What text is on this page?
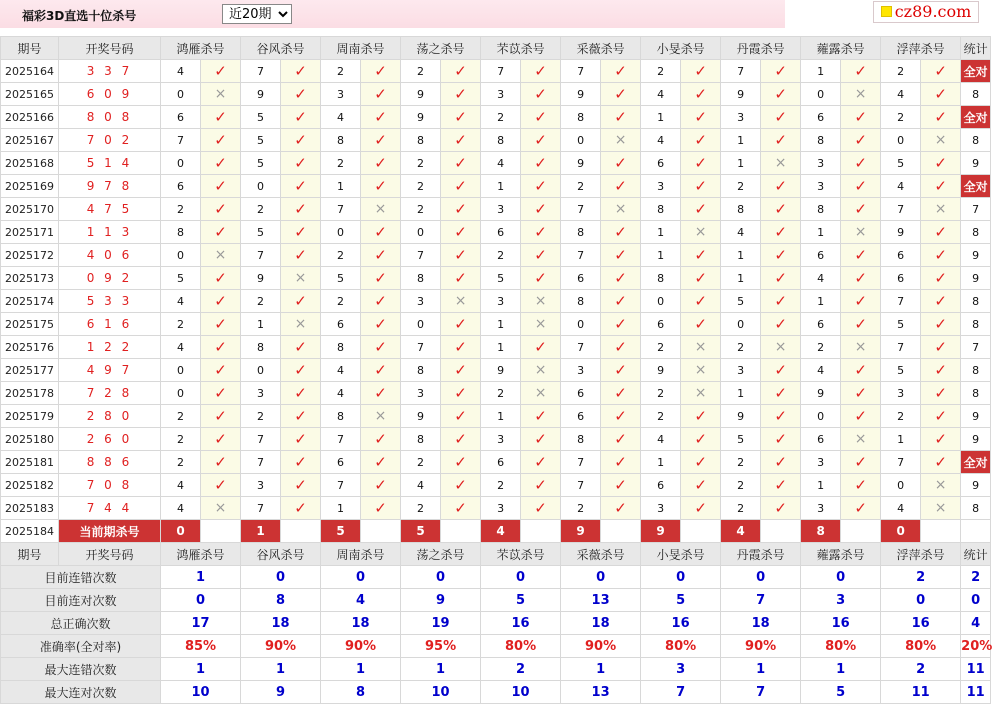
福彩3D直选十位杀号
近20期	cz89.com
期号	开奖号码	鸿雁杀号		谷风杀号		周南杀号		荡之杀号		芣苡杀号		采薇杀号		小旻杀号		丹霞杀号		蕹露杀号		浮萍杀号		统计
2025164	3 3 7	4	✓	7	✓	2	✓	2	✓	7	✓	7	✓	2	✓	7	✓	1	✓	2	✓	全对
2025165	6 0 9	0	×	9	✓	3	✓	9	✓	3	✓	9	✓	4	✓	9	✓	0	×	4	✓	8
2025166	8 0 8	6	✓	5	✓	4	✓	9	✓	2	✓	8	✓	1	✓	3	✓	6	✓	2	✓	全对
2025167	7 0 2	7	✓	5	✓	8	✓	8	✓	8	✓	0	×	4	✓	1	✓	8	✓	0	×	8
2025168	5 1 4	0	✓	5	✓	2	✓	2	✓	4	✓	9	✓	6	✓	1	×	3	✓	5	✓	9
2025169	9 7 8	6	✓	0	✓	1	✓	2	✓	1	✓	2	✓	3	✓	2	✓	3	✓	4	✓	全对
2025170	4 7 5	2	✓	2	✓	7	×	2	✓	3	✓	7	×	8	✓	8	✓	8	✓	7	×	7
2025171	1 1 3	8	✓	5	✓	0	✓	0	✓	6	✓	8	✓	1	×	4	✓	1	×	9	✓	8
2025172	4 0 6	0	×	7	✓	2	✓	7	✓	2	✓	7	✓	1	✓	1	✓	6	✓	6	✓	9
2025173	0 9 2	5	✓	9	×	5	✓	8	✓	5	✓	6	✓	8	✓	1	✓	4	✓	6	✓	9
2025174	5 3 3	4	✓	2	✓	2	✓	3	×	3	×	8	✓	0	✓	5	✓	1	✓	7	✓	8
2025175	6 1 6	2	✓	1	×	6	✓	0	✓	1	×	0	✓	6	✓	0	✓	6	✓	5	✓	8
2025176	1 2 2	4	✓	8	✓	8	✓	7	✓	1	✓	7	✓	2	×	2	×	2	×	7	✓	7
2025177	4 9 7	0	✓	0	✓	4	✓	8	✓	9	×	3	✓	9	×	3	✓	4	✓	5	✓	8
2025178	7 2 8	0	✓	3	✓	4	✓	3	✓	2	×	6	✓	2	×	1	✓	9	✓	3	✓	8
2025179	2 8 0	2	✓	2	✓	8	×	9	✓	1	✓	6	✓	2	✓	9	✓	0	✓	2	✓	9
2025180	2 6 0	2	✓	7	✓	7	✓	8	✓	3	✓	8	✓	4	✓	5	✓	6	×	1	✓	9
2025181	8 8 6	2	✓	7	✓	6	✓	2	✓	6	✓	7	✓	1	✓	2	✓	3	✓	7	✓	全对
2025182	7 0 8	4	✓	3	✓	7	✓	4	✓	2	✓	7	✓	6	✓	2	✓	1	✓	0	×	9
2025183	7 4 4	4	×	7	✓	1	✓	2	✓	3	✓	2	✓	3	✓	2	✓	3	✓	4	×	8
2025184	当前期杀号	0		1		5		5		4		9		9		4		8		0		
期号	开奖号码	鸿雁杀号		谷风杀号		周南杀号		荡之杀号		芣苡杀号		采薇杀号		小旻杀号		丹霞杀号		蕹露杀号		浮萍杀号		统计
目前连错次数		1		0		0		0		0		0		0		0		0		2		2
目前连对次数		0		8		4		9		5		13		5		7		3		0		0
总正确次数		17		18		18		19		16		18		16		18		16		16		4
准确率(全对率)		85%		90%		90%		95%		80%		90%		80%		90%		80%		80%		20%
最大连错次数		1		1		1		1		2		1		3		1		1		2		11
最大连对次数		10		9		8		10		10		13		7		7		5		11		11
